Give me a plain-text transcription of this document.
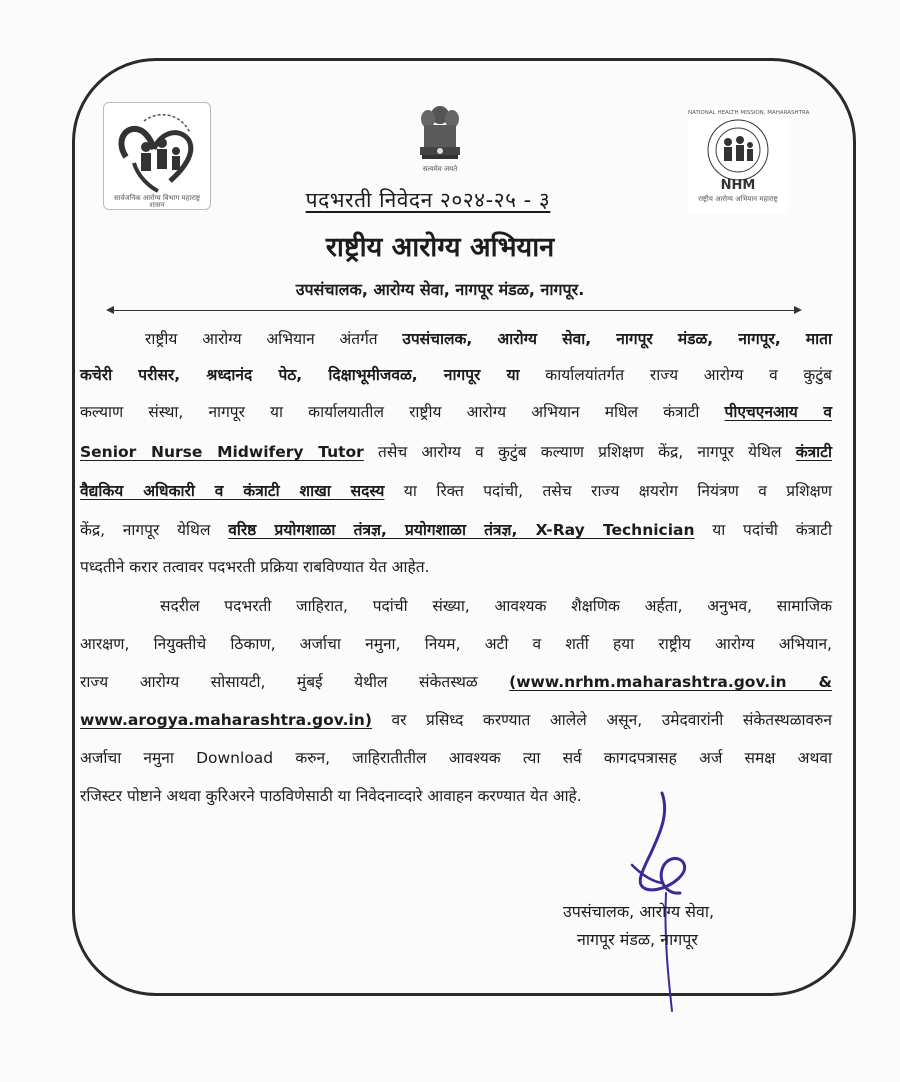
सार्वजनिक आरोग्य विभाग महाराष्ट्र शासन
सत्यमेव जयते
NATIONAL HEALTH MISSION, MAHARASHTRA
NHM
राष्ट्रीय आरोग्य अभियान महाराष्ट्र
पदभरती निवेदन २०२४-२५ - ३
राष्ट्रीय आरोग्य अभियान
उपसंचालक, आरोग्य सेवा, नागपूर मंडळ, नागपूर.
राष्ट्रीय आरोग्य अभियान अंतर्गत उपसंचालक, आरोग्य सेवा, नागपूर मंडळ, नागपूर, माता
कचेरी परीसर, श्रध्दानंद पेठ, दिक्षाभूमीजवळ, नागपूर या कार्यालयांतर्गत राज्य आरोग्य व कुटुंब
कल्याण संस्था, नागपूर या कार्यालयातील राष्ट्रीय आरोग्य अभियान मधिल कंत्राटी पीएचएनआय व
Senior Nurse Midwifery Tutor तसेच आरोग्य व कुटुंब कल्याण प्रशिक्षण केंद्र, नागपूर येथिल कंत्राटी
वैद्यकिय अधिकारी व कंत्राटी शाखा सदस्य या रिक्त पदांची, तसेच राज्य क्षयरोग नियंत्रण व प्रशिक्षण
केंद्र, नागपूर येथिल वरिष्ठ प्रयोगशाळा तंत्रज्ञ, प्रयोगशाळा तंत्रज्ञ, X-Ray Technician या पदांची कंत्राटी
पध्दतीने करार तत्वावर पदभरती प्रक्रिया राबविण्यात येत आहेत.
सदरील पदभरती जाहिरात, पदांची संख्या, आवश्यक शैक्षणिक अर्हता, अनुभव, सामाजिक
आरक्षण, नियुक्तीचे ठिकाण, अर्जाचा नमुना, नियम, अटी व शर्ती हया राष्ट्रीय आरोग्य अभियान,
राज्य आरोग्य सोसायटी, मुंबई येथील संकेतस्थळ (www.nrhm.maharashtra.gov.in &
www.arogya.maharashtra.gov.in) वर प्रसिध्द करण्यात आलेले असून, उमेदवारांनी संकेतस्थळावरुन
अर्जाचा नमुना Download करुन, जाहिरातीतील आवश्यक त्या सर्व कागदपत्रासह अर्ज समक्ष अथवा
रजिस्टर पोष्टाने अथवा कुरिअरने पाठविणेसाठी या निवेदनाव्दारे आवाहन करण्यात येत आहे.
उपसंचालक, आरोग्य सेवा,
नागपूर मंडळ, नागपूर
